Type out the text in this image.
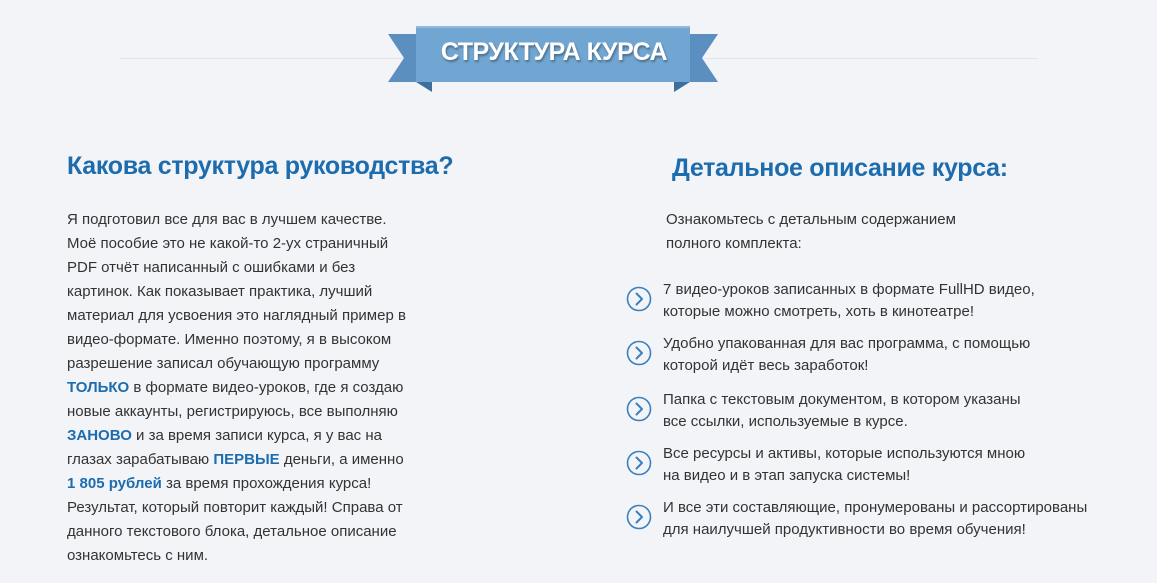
СТРУКТУРА КУРСА
Какова структура руководства?
Я подготовил все для вас в лучшем качестве.
Моё пособие это не какой-то 2-ух страничный
PDF отчёт написанный с ошибками и без
картинок. Как показывает практика, лучший
материал для усвоения это наглядный пример в
видео-формате. Именно поэтому, я в высоком
разрешение записал обучающую программу
ТОЛЬКО в формате видео-уроков, где я создаю
новые аккаунты, регистрируюсь, все выполняю
ЗАНОВО и за время записи курса, я у вас на
глазах зарабатываю ПЕРВЫЕ деньги, а именно
1 805 рублей за время прохождения курса!
Результат, который повторит каждый! Справа от
данного текстового блока, детальное описание
ознакомьтесь с ним.
Детальное описание курса:
Ознакомьтесь с детальным содержанием
полного комплекта:
7 видео-уроков записанных в формате FullHD видео,
которые можно смотреть, хоть в кинотеатре!
Удобно упакованная для вас программа, с помощью
которой идёт весь заработок!
Папка с текстовым документом, в котором указаны
все ссылки, используемые в курсе.
Все ресурсы и активы, которые используются мною
на видео и в этап запуска системы!
И все эти составляющие, пронумерованы и рассортированы
для наилучшей продуктивности во время обучения!
